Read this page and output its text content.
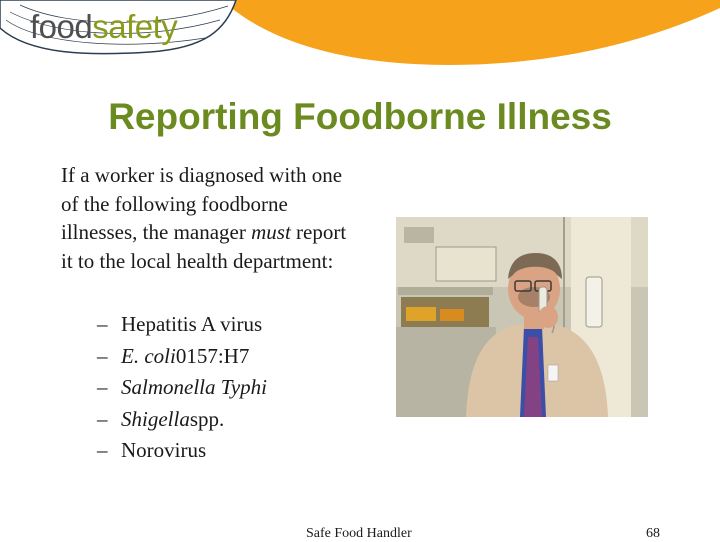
foodsafety
Reporting Foodborne Illness
If a worker is diagnosed with one of the following foodborne illnesses, the manager must report it to the local health department:
– Hepatitis A virus
– E. coli 0157:H7
– Salmonella Typhi
– Shigella spp.
– Norovirus
Safe Food Handler	68
